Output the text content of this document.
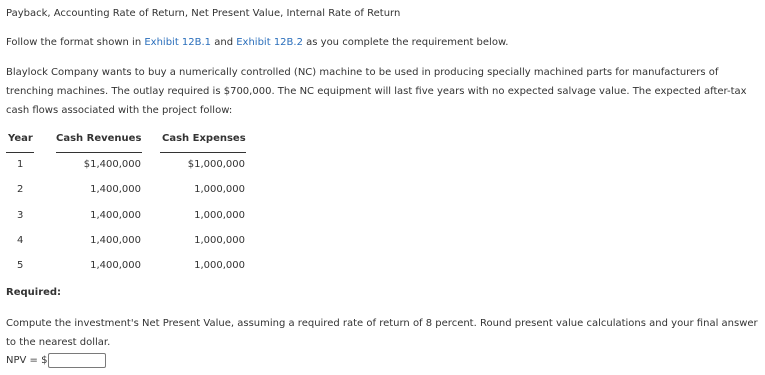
Payback, Accounting Rate of Return, Net Present Value, Internal Rate of Return
Follow the format shown in Exhibit 12B.1 and Exhibit 12B.2 as you complete the requirement below.
Blaylock Company wants to buy a numerically controlled (NC) machine to be used in producing specially machined parts for manufacturers of trenching machines. The outlay required is $700,000. The NC equipment will last five years with no expected salvage value. The expected after-tax cash flows associated with the project follow:
Year Cash Revenues Cash Expenses
1	$1,400,000	$1,000,000
2	1,400,000	1,000,000
3	1,400,000	1,000,000
4	1,400,000	1,000,000
5	1,400,000	1,000,000
Required:
Compute the investment's Net Present Value, assuming a required rate of return of 8 percent. Round present value calculations and your final answer to the nearest dollar.
NPV = $
